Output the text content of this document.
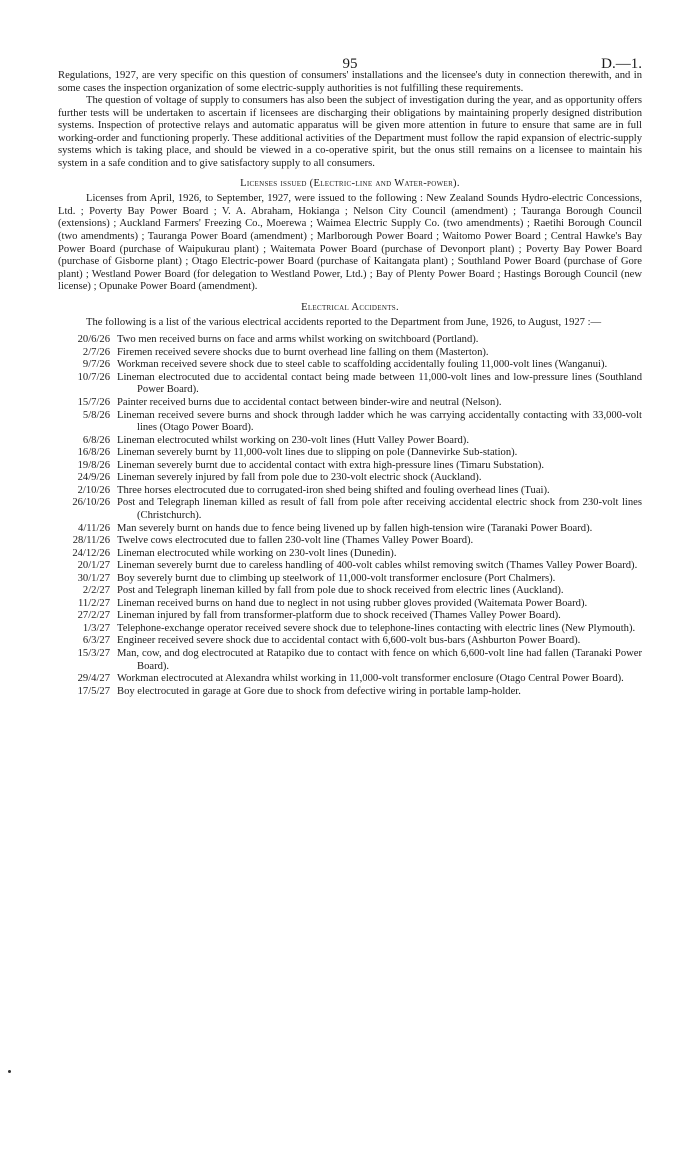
95	D.—1.

Regulations, 1927, are very specific on this question of consumers' installations and the licensee's duty in connection therewith, and in some cases the inspection organization of some electric-supply authorities is not fulfilling these requirements.

The question of voltage of supply to consumers has also been the subject of investigation during the year, and as opportunity offers further tests will be undertaken to ascertain if licensees are discharging their obligations by maintaining properly designed distribution systems. Inspection of protective relays and automatic apparatus will be given more attention in future to ensure that same are in full working-order and functioning properly. These additional activities of the Department must follow the rapid expansion of electric-supply systems which is taking place, and should be viewed in a co-operative spirit, but the onus still remains on a licensee to maintain his system in a safe condition and to give satisfactory supply to all consumers.

Licenses issued (Electric-line and Water-power).

Licenses from April, 1926, to September, 1927, were issued to the following : New Zealand Sounds Hydro-electric Concessions, Ltd. ; Poverty Bay Power Board ; V. A. Abraham, Hokianga ; Nelson City Council (amendment) ; Tauranga Borough Council (extensions) ; Auckland Farmers' Freezing Co., Moerewa ; Waimea Electric Supply Co. (two amendments) ; Raetihi Borough Council (two amendments) ; Tauranga Power Board (amendment) ; Marlborough Power Board ; Waitomo Power Board ; Central Hawke's Bay Power Board (purchase of Waipukurau plant) ; Waitemata Power Board (purchase of Devonport plant) ; Poverty Bay Power Board (purchase of Gisborne plant) ; Otago Electric-power Board (purchase of Kaitangata plant) ; Southland Power Board (purchase of Gore plant) ; Westland Power Board (for delegation to Westland Power, Ltd.) ; Bay of Plenty Power Board ; Hastings Borough Council (new license) ; Opunake Power Board (amendment).

Electrical Accidents.

The following is a list of the various electrical accidents reported to the Department from June, 1926, to August, 1927 :—

20/6/26 Two men received burns on face and arms whilst working on switchboard (Portland).
2/7/26 Firemen received severe shocks due to burnt overhead line falling on them (Masterton).
9/7/26 Workman received severe shock due to steel cable to scaffolding accidentally fouling 11,000-volt lines (Wanganui).
10/7/26 Lineman electrocuted due to accidental contact being made between 11,000-volt lines and low-pressure lines (Southland Power Board).
15/7/26 Painter received burns due to accidental contact between binder-wire and neutral (Nelson).
5/8/26 Lineman received severe burns and shock through ladder which he was carrying accidentally contacting with 33,000-volt lines (Otago Power Board).
6/8/26 Lineman electrocuted whilst working on 230-volt lines (Hutt Valley Power Board).
16/8/26 Lineman severely burnt by 11,000-volt lines due to slipping on pole (Dannevirke Sub-station).
19/8/26 Lineman severely burnt due to accidental contact with extra high-pressure lines (Timaru Substation).
24/9/26 Lineman severely injured by fall from pole due to 230-volt electric shock (Auckland).
2/10/26 Three horses electrocuted due to corrugated-iron shed being shifted and fouling overhead lines (Tuai).
26/10/26 Post and Telegraph lineman killed as result of fall from pole after receiving accidental electric shock from 230-volt lines (Christchurch).
4/11/26 Man severely burnt on hands due to fence being livened up by fallen high-tension wire (Taranaki Power Board).
28/11/26 Twelve cows electrocuted due to fallen 230-volt line (Thames Valley Power Board).
24/12/26 Lineman electrocuted while working on 230-volt lines (Dunedin).
20/1/27 Lineman severely burnt due to careless handling of 400-volt cables whilst removing switch (Thames Valley Power Board).
30/1/27 Boy severely burnt due to climbing up steelwork of 11,000-volt transformer enclosure (Port Chalmers).
2/2/27 Post and Telegraph lineman killed by fall from pole due to shock received from electric lines (Auckland).
11/2/27 Lineman received burns on hand due to neglect in not using rubber gloves provided (Waitemata Power Board).
27/2/27 Lineman injured by fall from transformer-platform due to shock received (Thames Valley Power Board).
1/3/27 Telephone-exchange operator received severe shock due to telephone-lines contacting with electric lines (New Plymouth).
6/3/27 Engineer received severe shock due to accidental contact with 6,600-volt bus-bars (Ashburton Power Board).
15/3/27 Man, cow, and dog electrocuted at Ratapiko due to contact with fence on which 6,600-volt line had fallen (Taranaki Power Board).
29/4/27 Workman electrocuted at Alexandra whilst working in 11,000-volt transformer enclosure (Otago Central Power Board).
17/5/27 Boy electrocuted in garage at Gore due to shock from defective wiring in portable lamp-holder.
